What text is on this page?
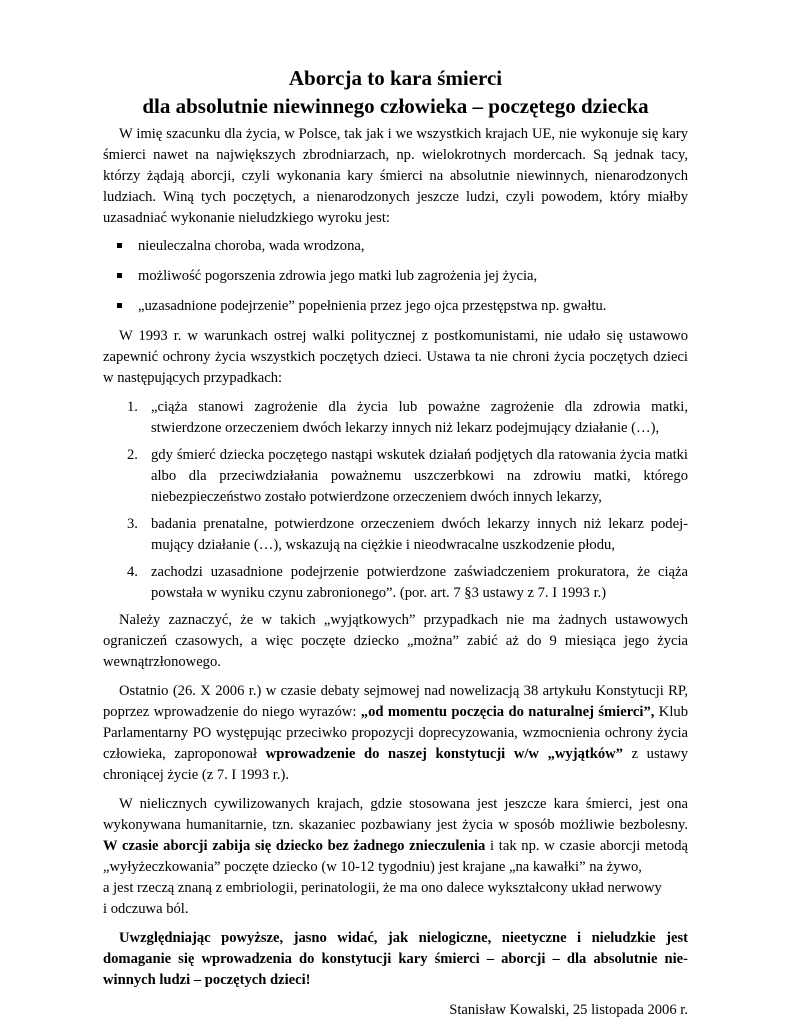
Aborcja to kara śmierci
dla absolutnie niewinnego człowieka – poczętego dziecka

W imię szacunku dla życia, w Polsce, tak jak i we wszystkich krajach UE, nie wykonuje się kary śmierci nawet na największych zbrodniarzach, np. wielokrotnych mordercach. Są jednak tacy, którzy żądają aborcji, czyli wykonania kary śmierci na absolutnie niewinnych, nienarodzonych ludziach. Winą tych poczętych, a nienarodzonych jeszcze ludzi, czyli powodem, który miałby uzasadniać wykonanie nieludzkiego wyroku jest:

nieuleczalna choroba, wada wrodzona,
możliwość pogorszenia zdrowia jego matki lub zagrożenia jej życia,
„uzasadnione podejrzenie” popełnienia przez jego ojca przestępstwa np. gwałtu.

W 1993 r. w warunkach ostrej walki politycznej z postkomunistami, nie udało się ustawowo zapewnić ochrony życia wszystkich poczętych dzieci. Ustawa ta nie chroni życia poczętych dzieci w następujących przypadkach:

1. „ciąża stanowi zagrożenie dla życia lub poważne zagrożenie dla zdrowia matki, stwierdzone orzeczeniem dwóch lekarzy innych niż lekarz podejmujący działanie (…),
2. gdy śmierć dziecka poczętego nastąpi wskutek działań podjętych dla ratowania życia matki albo dla przeciwdziałania poważnemu uszczerbkowi na zdrowiu matki, którego niebezpieczeństwo zostało potwierdzone orzeczeniem dwóch innych lekarzy,
3. badania prenatalne, potwierdzone orzeczeniem dwóch lekarzy innych niż lekarz podej-mujący działanie (…), wskazują na ciężkie i nieodwracalne uszkodzenie płodu,
4. zachodzi uzasadnione podejrzenie potwierdzone zaświadczeniem prokuratora, że ciąża powstała w wyniku czynu zabronionego”. (por. art. 7 §3 ustawy z 7. I 1993 r.)

Należy zaznaczyć, że w takich „wyjątkowych” przypadkach nie ma żadnych ustawowych ograniczeń czasowych, a więc poczęte dziecko „można” zabić aż do 9 miesiąca jego życia wewnątrzłonowego.

Ostatnio (26. X 2006 r.) w czasie debaty sejmowej nad nowelizacją 38 artykułu Konstytucji RP, poprzez wprowadzenie do niego wyrazów: „od momentu poczęcia do naturalnej śmierci”, Klub Parlamentarny PO występując przeciwko propozycji doprecyzowania, wzmocnienia ochrony życia człowieka, zaproponował wprowadzenie do naszej konstytucji w/w „wyjątków” z ustawy chroniącej życie (z 7. I 1993 r.).

W nielicznych cywilizowanych krajach, gdzie stosowana jest jeszcze kara śmierci, jest ona wykonywana humanitarnie, tzn. skazaniec pozbawiany jest życia w sposób możliwie bezbolesny. W czasie aborcji zabija się dziecko bez żadnego znieczulenia i tak np. w czasie aborcji metodą „wyłyżeczkowania” poczęte dziecko (w 10-12 tygodniu) jest krajane „na kawałki” na żywo,

a jest rzeczą znaną z embriologii, perinatologii, że ma ono dalece wykształcony układ nerwowy

i odczuwa ból.

Uwzględniając powyższe, jasno widać, jak nielogiczne, nieetyczne i nieludzkie jest domaganie się wprowadzenia do konstytucji kary śmierci – aborcji – dla absolutnie nie-winnych ludzi – poczętych dzieci!

Stanisław Kowalski, 25 listopada 2006 r.
